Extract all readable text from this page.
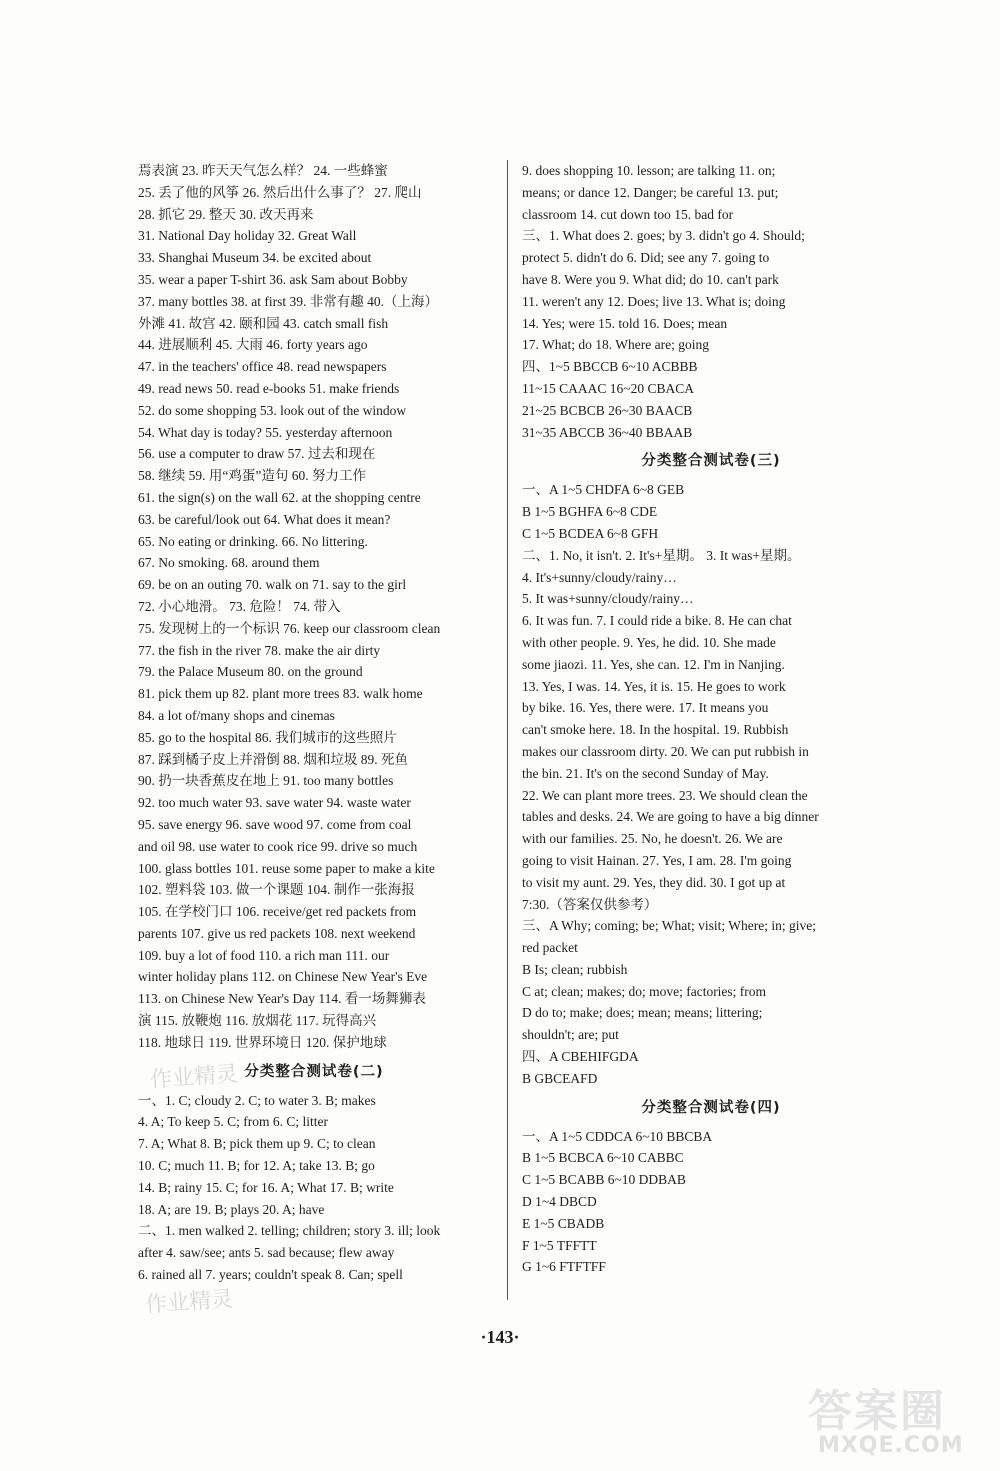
焉表演 23. 昨天天气怎么样？ 24. 一些蜂蜜
25. 丢了他的风筝 26. 然后出什么事了？ 27. 爬山
28. 抓它 29. 整天 30. 改天再来
31. National Day holiday 32. Great Wall
33. Shanghai Museum 34. be excited about
35. wear a paper T-shirt 36. ask Sam about Bobby
37. many bottles 38. at first 39. 非常有趣 40.（上海）
外滩 41. 故宫 42. 颐和园 43. catch small fish
44. 进展顺利 45. 大雨 46. forty years ago
47. in the teachers' office 48. read newspapers
49. read news 50. read e-books 51. make friends
52. do some shopping 53. look out of the window
54. What day is today? 55. yesterday afternoon
56. use a computer to draw 57. 过去和现在
58. 继续 59. 用“鸡蛋”造句 60. 努力工作
61. the sign(s) on the wall 62. at the shopping centre
63. be careful/look out 64. What does it mean?
65. No eating or drinking. 66. No littering.
67. No smoking. 68. around them
69. be on an outing 70. walk on 71. say to the girl
72. 小心地滑。 73. 危险！ 74. 带入
75. 发现树上的一个标识 76. keep our classroom clean
77. the fish in the river 78. make the air dirty
79. the Palace Museum 80. on the ground
81. pick them up 82. plant more trees 83. walk home
84. a lot of/many shops and cinemas
85. go to the hospital 86. 我们城市的这些照片
87. 踩到橘子皮上并滑倒 88. 烟和垃圾 89. 死鱼
90. 扔一块香蕉皮在地上 91. too many bottles
92. too much water 93. save water 94. waste water
95. save energy 96. save wood 97. come from coal
and oil 98. use water to cook rice 99. drive so much
100. glass bottles 101. reuse some paper to make a kite
102. 塑料袋 103. 做一个课题 104. 制作一张海报
105. 在学校门口 106. receive/get red packets from
parents 107. give us red packets 108. next weekend
109. buy a lot of food 110. a rich man 111. our
winter holiday plans 112. on Chinese New Year's Eve
113. on Chinese New Year's Day 114. 看一场舞狮表
演 115. 放鞭炮 116. 放烟花 117. 玩得高兴
118. 地球日 119. 世界环境日 120. 保护地球
分类整合测试卷(二)
一、1. C; cloudy 2. C; to water 3. B; makes
4. A; To keep 5. C; from 6. C; litter
7. A; What 8. B; pick them up 9. C; to clean
10. C; much 11. B; for 12. A; take 13. B; go
14. B; rainy 15. C; for 16. A; What 17. B; write
18. A; are 19. B; plays 20. A; have
二、1. men walked 2. telling; children; story 3. ill; look
after 4. saw/see; ants 5. sad because; flew away
6. rained all 7. years; couldn't speak 8. Can; spell
9. does shopping 10. lesson; are talking 11. on;
means; or dance 12. Danger; be careful 13. put;
classroom 14. cut down too 15. bad for
三、1. What does 2. goes; by 3. didn't go 4. Should;
protect 5. didn't do 6. Did; see any 7. going to
have 8. Were you 9. What did; do 10. can't park
11. weren't any 12. Does; live 13. What is; doing
14. Yes; were 15. told 16. Does; mean
17. What; do 18. Where are; going
四、1~5 BBCCB 6~10 ACBBB
11~15 CAAAC 16~20 CBACA
21~25 BCBCB 26~30 BAACB
31~35 ABCCB 36~40 BBAAB
分类整合测试卷(三)
一、A 1~5 CHDFA 6~8 GEB
B 1~5 BGHFA 6~8 CDE
C 1~5 BCDEA 6~8 GFH
二、1. No, it isn't. 2. It's+星期。 3. It was+星期。
4. It's+sunny/cloudy/rainy…
5. It was+sunny/cloudy/rainy…
6. It was fun. 7. I could ride a bike. 8. He can chat
with other people. 9. Yes, he did. 10. She made
some jiaozi. 11. Yes, she can. 12. I'm in Nanjing.
13. Yes, I was. 14. Yes, it is. 15. He goes to work
by bike. 16. Yes, there were. 17. It means you
can't smoke here. 18. In the hospital. 19. Rubbish
makes our classroom dirty. 20. We can put rubbish in
the bin. 21. It's on the second Sunday of May.
22. We can plant more trees. 23. We should clean the
tables and desks. 24. We are going to have a big dinner
with our families. 25. No, he doesn't. 26. We are
going to visit Hainan. 27. Yes, I am. 28. I'm going
to visit my aunt. 29. Yes, they did. 30. I got up at
7:30.（答案仅供参考）
三、A Why; coming; be; What; visit; Where; in; give;
red packet
B Is; clean; rubbish
C at; clean; makes; do; move; factories; from
D do to; make; does; mean; means; littering;
shouldn't; are; put
四、A CBEHIFGDA
B GBCEAFD
分类整合测试卷(四)
一、A 1~5 CDDCA 6~10 BBCBA
B 1~5 BCBCA 6~10 CABBC
C 1~5 BCABB 6~10 DDBAB
D 1~4 DBCD
E 1~5 CBADB
F 1~5 TFFTT
G 1~6 FTFTFF
·143·
作业精灵
作业精灵
答案圈
MXQE.COM
